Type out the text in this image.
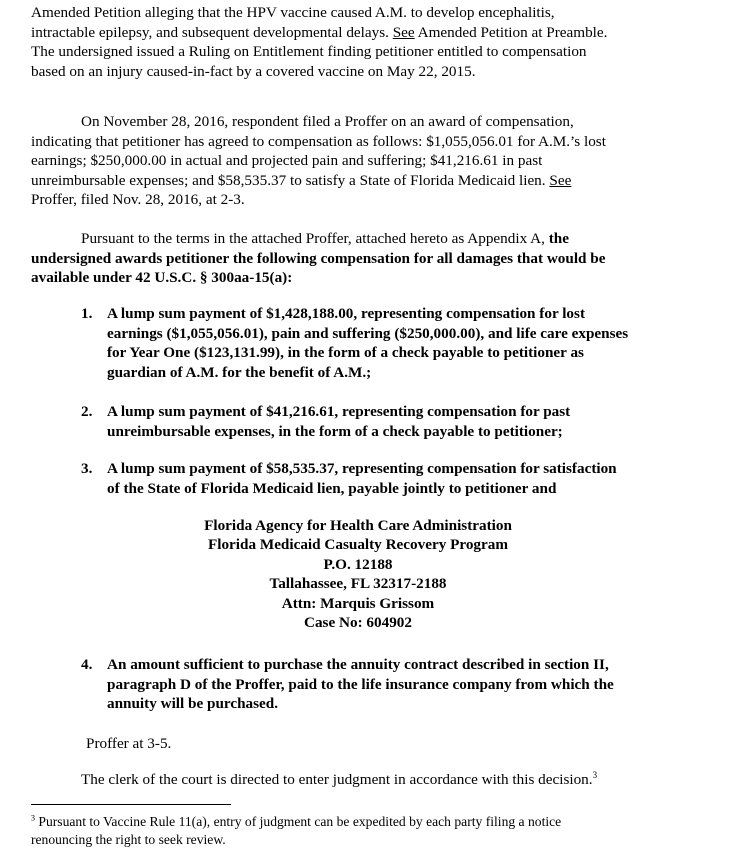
Amended Petition alleging that the HPV vaccine caused A.M. to develop encephalitis,
intractable epilepsy, and subsequent developmental delays. See Amended Petition at Preamble.
The undersigned issued a Ruling on Entitlement finding petitioner entitled to compensation
based on an injury caused-in-fact by a covered vaccine on May 22, 2015.
On November 28, 2016, respondent filed a Proffer on an award of compensation,
indicating that petitioner has agreed to compensation as follows: $1,055,056.01 for A.M.’s lost
earnings; $250,000.00 in actual and projected pain and suffering; $41,216.61 in past
unreimbursable expenses; and $58,535.37 to satisfy a State of Florida Medicaid lien. See
Proffer, filed Nov. 28, 2016, at 2-3.
Pursuant to the terms in the attached Proffer, attached hereto as Appendix A, the
undersigned awards petitioner the following compensation for all damages that would be
available under 42 U.S.C. § 300aa-15(a):
1. A lump sum payment of $1,428,188.00, representing compensation for lost
earnings ($1,055,056.01), pain and suffering ($250,000.00), and life care expenses
for Year One ($123,131.99), in the form of a check payable to petitioner as
guardian of A.M. for the benefit of A.M.;
2. A lump sum payment of $41,216.61, representing compensation for past
unreimbursable expenses, in the form of a check payable to petitioner;
3. A lump sum payment of $58,535.37, representing compensation for satisfaction
of the State of Florida Medicaid lien, payable jointly to petitioner and
Florida Agency for Health Care Administration
Florida Medicaid Casualty Recovery Program
P.O. 12188
Tallahassee, FL 32317-2188
Attn: Marquis Grissom
Case No: 604902
4. An amount sufficient to purchase the annuity contract described in section II,
paragraph D of the Proffer, paid to the life insurance company from which the
annuity will be purchased.
Proffer at 3-5.
The clerk of the court is directed to enter judgment in accordance with this decision.$^3$
$^3$ Pursuant to Vaccine Rule 11(a), entry of judgment can be expedited by each party filing a notice
renouncing the right to seek review.
